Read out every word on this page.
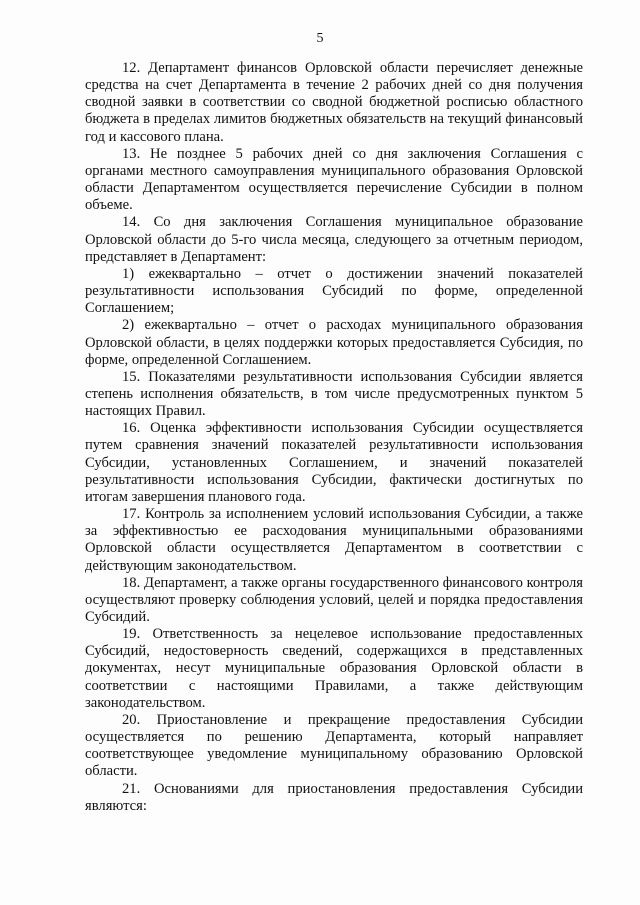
5

12. Департамент финансов Орловской области перечисляет денежные средства на счет Департамента в течение 2 рабочих дней со дня получения сводной заявки в соответствии со сводной бюджетной росписью областного бюджета в пределах лимитов бюджетных обязательств на текущий финансовый год и кассового плана.

13. Не позднее 5 рабочих дней со дня заключения Соглашения с органами местного самоуправления муниципального образования Орловской области Департаментом осуществляется перечисление Субсидии в полном объеме.

14. Со дня заключения Соглашения муниципальное образование Орловской области до 5-го числа месяца, следующего за отчетным периодом, представляет в Департамент:

1) ежеквартально – отчет о достижении значений показателей результативности использования Субсидий по форме, определенной Соглашением;

2) ежеквартально – отчет о расходах муниципального образования Орловской области, в целях поддержки которых предоставляется Субсидия, по форме, определенной Соглашением.

15. Показателями результативности использования Субсидии является степень исполнения обязательств, в том числе предусмотренных пунктом 5 настоящих Правил.

16. Оценка эффективности использования Субсидии осуществляется путем сравнения значений показателей результативности использования Субсидии, установленных Соглашением, и значений показателей результативности использования Субсидии, фактически достигнутых по итогам завершения планового года.

17. Контроль за исполнением условий использования Субсидии, а также за эффективностью ее расходования муниципальными образованиями Орловской области осуществляется Департаментом в соответствии с действующим законодательством.

18. Департамент, а также органы государственного финансового контроля осуществляют проверку соблюдения условий, целей и порядка предоставления Субсидий.

19. Ответственность за нецелевое использование предоставленных Субсидий, недостоверность сведений, содержащихся в представленных документах, несут муниципальные образования Орловской области в соответствии с настоящими Правилами, а также действующим законодательством.

20. Приостановление и прекращение предоставления Субсидии осуществляется по решению Департамента, который направляет соответствующее уведомление муниципальному образованию Орловской области.

21. Основаниями для приостановления предоставления Субсидии являются:
